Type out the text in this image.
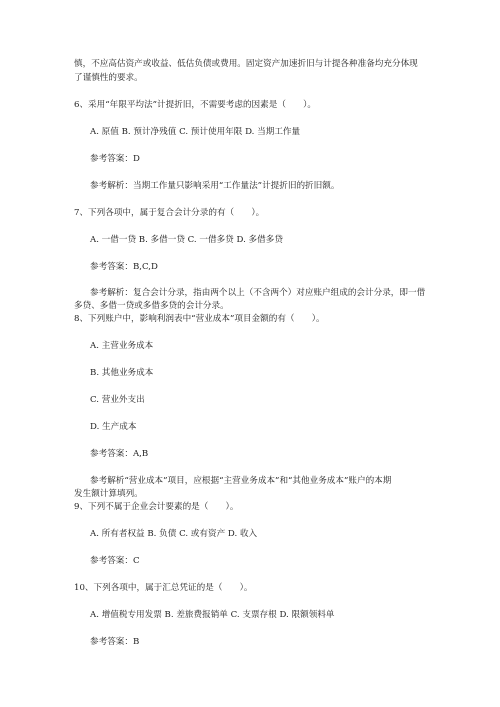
慎，不应高估资产或收益、低估负债或费用。固定资产加速折旧与计提各种准备均充分体现
了谨慎性的要求。
6、采用“年限平均法”计提折旧，不需要考虑的因素是（　　）。
A. 原值 B. 预计净残值 C. 预计使用年限 D. 当期工作量
参考答案：D
参考解析：当期工作量只影响采用“工作量法”计提折旧的折旧额。
7、下列各项中，属于复合会计分录的有（　　）。
A. 一借一贷 B. 多借一贷 C. 一借多贷 D. 多借多贷
参考答案：B,C,D
参考解析：复合会计分录，指由两个以上（不含两个）对应账户组成的会计分录，即一借
多贷、多借一贷或多借多贷的会计分录。
8、下列账户中，影响利润表中“营业成本”项目金额的有（　　）。
A. 主营业务成本
B. 其他业务成本
C. 营业外支出
D. 生产成本
参考答案：A,B
参考解析“营业成本”项目，应根据“主营业务成本”和“其他业务成本”账户的本期
发生额计算填列。
9、下列不属于企业会计要素的是（　　）。
A. 所有者权益 B. 负债 C. 或有资产 D. 收入
参考答案：C
10、下列各项中，属于汇总凭证的是（　　）。
A. 增值税专用发票 B. 差旅费报销单 C. 支票存根 D. 限额领料单
参考答案：B
